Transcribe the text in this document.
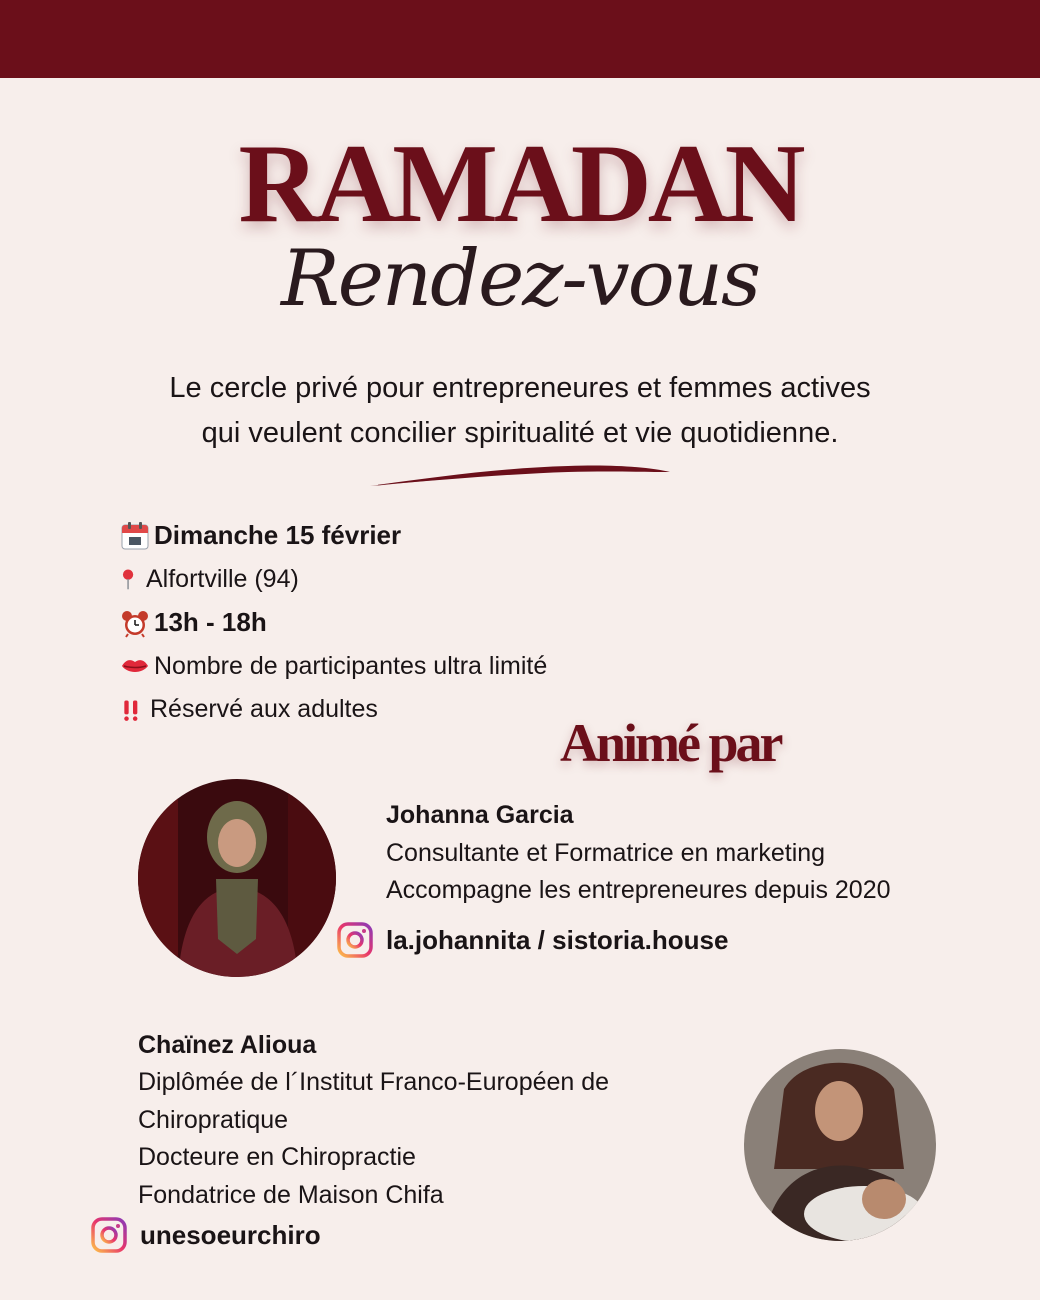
RAMADAN
Rendez-vous
Le cercle privé pour entrepreneures et femmes actives
qui veulent concilier spiritualité et vie quotidienne.
Dimanche 15 février
Alfortville (94)
13h - 18h
Nombre de participantes ultra limité
Réservé aux adultes
Animé par
Johanna Garcia
Consultante et Formatrice en marketing
Accompagne les entrepreneures depuis 2020
la.johannita / sistoria.house
Chaïnez Alioua
Diplômée de l´Institut Franco-Européen de
Chiropratique
Docteure en Chiropractie
Fondatrice de Maison Chifa
unesoeurchiro
